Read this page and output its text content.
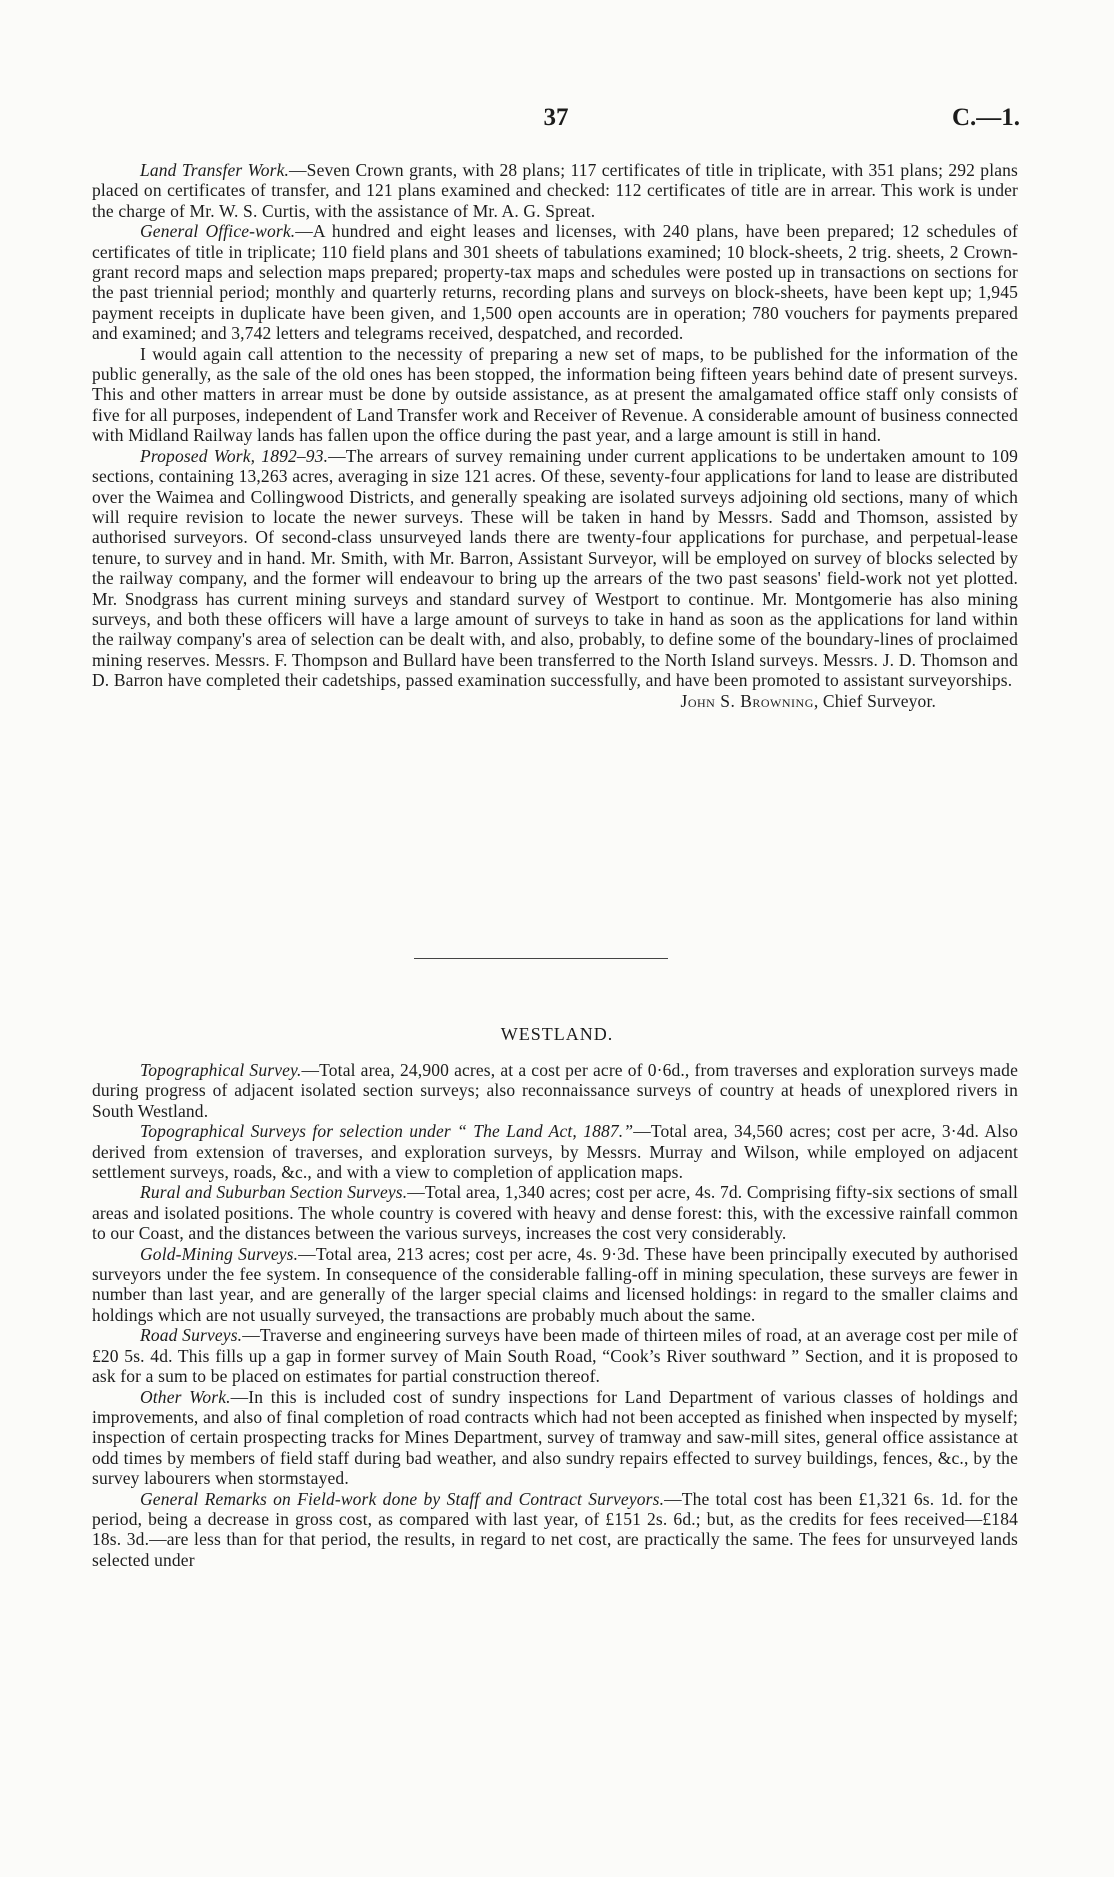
37	C.—1.

Land Transfer Work.—Seven Crown grants, with 28 plans; 117 certificates of title in triplicate, with 351 plans; 292 plans placed on certificates of transfer, and 121 plans examined and checked: 112 certificates of title are in arrear. This work is under the charge of Mr. W. S. Curtis, with the assistance of Mr. A. G. Spreat.

General Office-work.—A hundred and eight leases and licenses, with 240 plans, have been prepared; 12 schedules of certificates of title in triplicate; 110 field plans and 301 sheets of tabulations examined; 10 block-sheets, 2 trig. sheets, 2 Crown-grant record maps and selection maps prepared; property-tax maps and schedules were posted up in transactions on sections for the past triennial period; monthly and quarterly returns, recording plans and surveys on block-sheets, have been kept up; 1,945 payment receipts in duplicate have been given, and 1,500 open accounts are in operation; 780 vouchers for payments prepared and examined; and 3,742 letters and telegrams received, despatched, and recorded.

I would again call attention to the necessity of preparing a new set of maps, to be published for the information of the public generally, as the sale of the old ones has been stopped, the information being fifteen years behind date of present surveys. This and other matters in arrear must be done by outside assistance, as at present the amalgamated office staff only consists of five for all purposes, independent of Land Transfer work and Receiver of Revenue. A considerable amount of business connected with Midland Railway lands has fallen upon the office during the past year, and a large amount is still in hand.

Proposed Work, 1892–93.—The arrears of survey remaining under current applications to be undertaken amount to 109 sections, containing 13,263 acres, averaging in size 121 acres. Of these, seventy-four applications for land to lease are distributed over the Waimea and Collingwood Districts, and generally speaking are isolated surveys adjoining old sections, many of which will require revision to locate the newer surveys. These will be taken in hand by Messrs. Sadd and Thomson, assisted by authorised surveyors. Of second-class unsurveyed lands there are twenty-four applications for purchase, and perpetual-lease tenure, to survey and in hand. Mr. Smith, with Mr. Barron, Assistant Surveyor, will be employed on survey of blocks selected by the railway company, and the former will endeavour to bring up the arrears of the two past seasons' field-work not yet plotted. Mr. Snodgrass has current mining surveys and standard survey of Westport to continue. Mr. Montgomerie has also mining surveys, and both these officers will have a large amount of surveys to take in hand as soon as the applications for land within the railway company's area of selection can be dealt with, and also, probably, to define some of the boundary-lines of proclaimed mining reserves. Messrs. F. Thompson and Bullard have been transferred to the North Island surveys. Messrs. J. D. Thomson and D. Barron have completed their cadetships, passed examination successfully, and have been promoted to assistant surveyorships.

John S. Browning, Chief Surveyor.

WESTLAND.

Topographical Survey.—Total area, 24,900 acres, at a cost per acre of 0·6d., from traverses and exploration surveys made during progress of adjacent isolated section surveys; also reconnaissance surveys of country at heads of unexplored rivers in South Westland.

Topographical Surveys for selection under “ The Land Act, 1887.”—Total area, 34,560 acres; cost per acre, 3·4d. Also derived from extension of traverses, and exploration surveys, by Messrs. Murray and Wilson, while employed on adjacent settlement surveys, roads, &c., and with a view to completion of application maps.

Rural and Suburban Section Surveys.—Total area, 1,340 acres; cost per acre, 4s. 7d. Comprising fifty-six sections of small areas and isolated positions. The whole country is covered with heavy and dense forest: this, with the excessive rainfall common to our Coast, and the distances between the various surveys, increases the cost very considerably.

Gold-Mining Surveys.—Total area, 213 acres; cost per acre, 4s. 9·3d. These have been principally executed by authorised surveyors under the fee system. In consequence of the considerable falling-off in mining speculation, these surveys are fewer in number than last year, and are generally of the larger special claims and licensed holdings: in regard to the smaller claims and holdings which are not usually surveyed, the transactions are probably much about the same.

Road Surveys.—Traverse and engineering surveys have been made of thirteen miles of road, at an average cost per mile of £20 5s. 4d. This fills up a gap in former survey of Main South Road, “Cook’s River southward ” Section, and it is proposed to ask for a sum to be placed on estimates for partial construction thereof.

Other Work.—In this is included cost of sundry inspections for Land Department of various classes of holdings and improvements, and also of final completion of road contracts which had not been accepted as finished when inspected by myself; inspection of certain prospecting tracks for Mines Department, survey of tramway and saw-mill sites, general office assistance at odd times by members of field staff during bad weather, and also sundry repairs effected to survey buildings, fences, &c., by the survey labourers when stormstayed.

General Remarks on Field-work done by Staff and Contract Surveyors.—The total cost has been £1,321 6s. 1d. for the period, being a decrease in gross cost, as compared with last year, of £151 2s. 6d.; but, as the credits for fees received—£184 18s. 3d.—are less than for that period, the results, in regard to net cost, are practically the same. The fees for unsurveyed lands selected under
